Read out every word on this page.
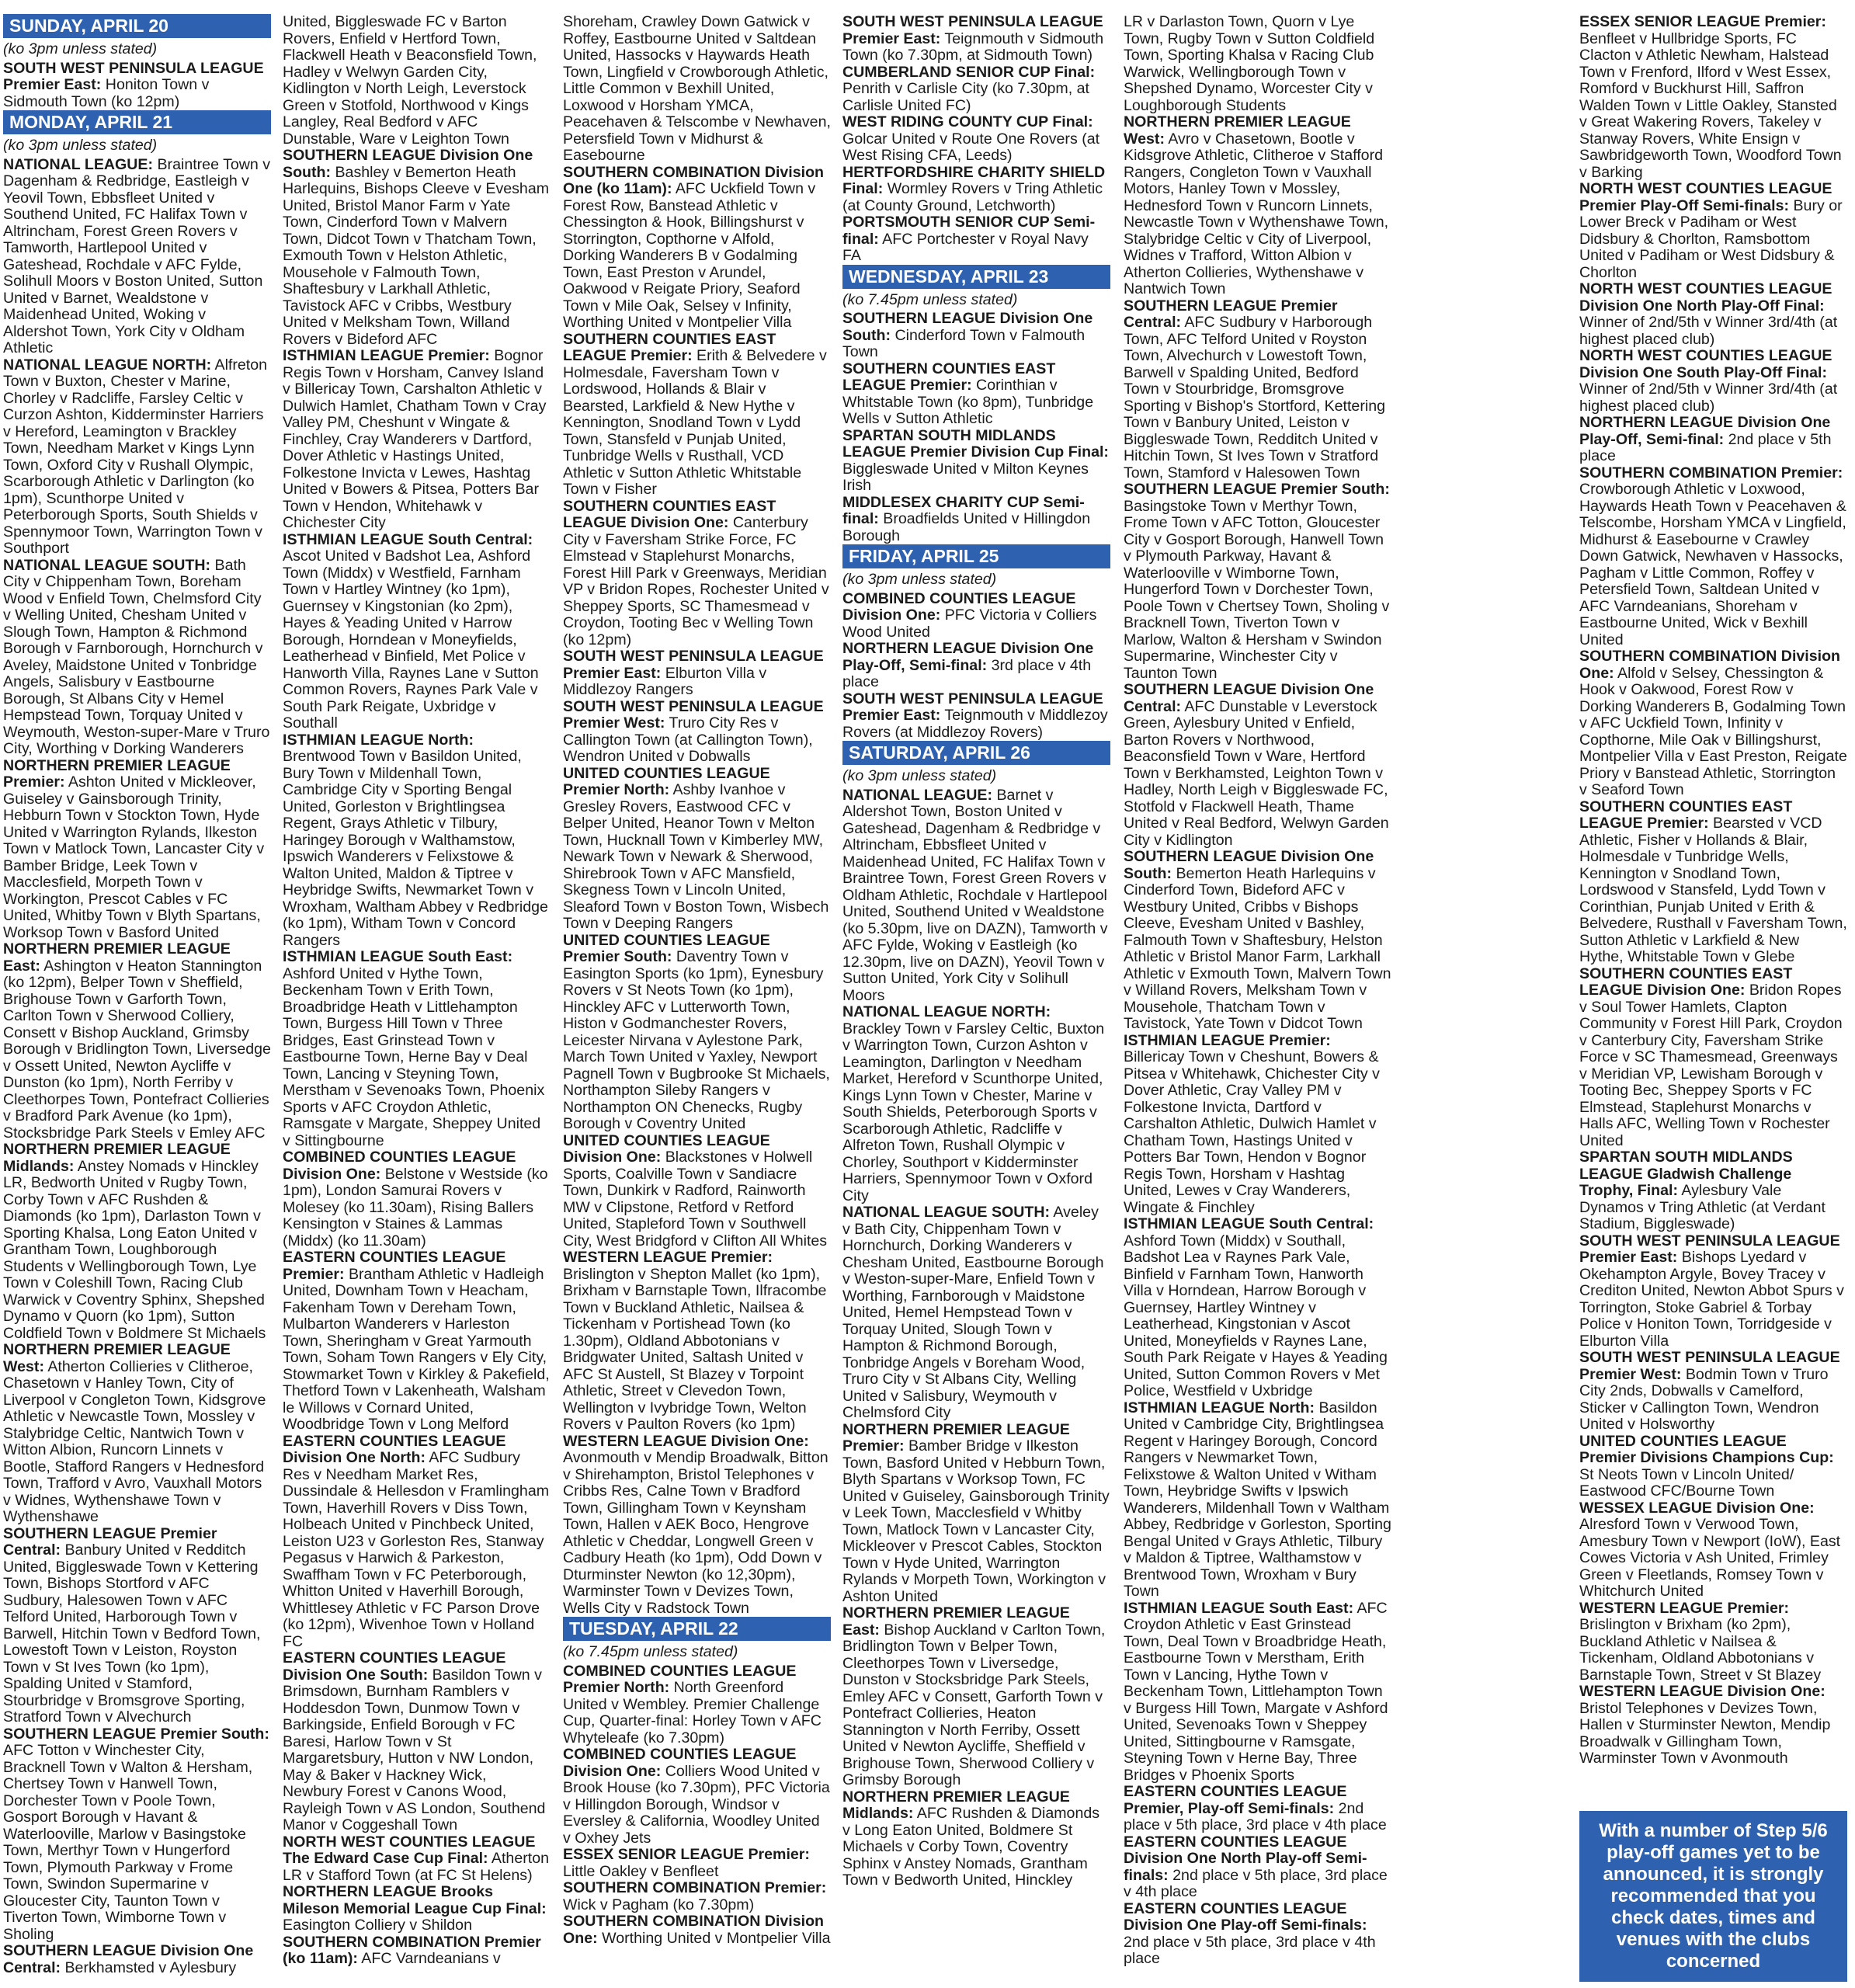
SUNDAY, APRIL 20
(ko 3pm unless stated)
SOUTH WEST PENINSULA LEAGUE Premier East: Honiton Town v Sidmouth Town (ko 12pm)
MONDAY, APRIL 21
(ko 3pm unless stated)
NATIONAL LEAGUE: Braintree Town v Dagenham & Redbridge, Eastleigh v Yeovil Town, Ebbsfleet United v Southend United, FC Halifax Town v Altrincham, Forest Green Rovers v Tamworth, Hartlepool United v Gateshead, Rochdale v AFC Fylde, Solihull Moors v Boston United, Sutton United v Barnet, Wealdstone v Maidenhead United, Woking v Aldershot Town, York City v Oldham Athletic
NATIONAL LEAGUE NORTH: Alfreton Town v Buxton, Chester v Marine, Chorley v Radcliffe, Farsley Celtic v Curzon Ashton, Kidderminster Harriers v Hereford, Leamington v Brackley Town, Needham Market v Kings Lynn Town, Oxford City v Rushall Olympic, Scarborough Athletic v Darlington (ko 1pm), Scunthorpe United v Peterborough Sports, South Shields v Spennymoor Town, Warrington Town v Southport
NATIONAL LEAGUE SOUTH: Bath City v Chippenham Town, Boreham Wood v Enfield Town, Chelmsford City v Welling United, Chesham United v Slough Town, Hampton & Richmond Borough v Farnborough, Hornchurch v Aveley, Maidstone United v Tonbridge Angels, Salisbury v Eastbourne Borough, St Albans City v Hemel Hempstead Town, Torquay United v Weymouth, Weston-super-Mare v Truro City, Worthing v Dorking Wanderers
NORTHERN PREMIER LEAGUE Premier: Ashton United v Mickleover, Guiseley v Gainsborough Trinity, Hebburn Town v Stockton Town, Hyde United v Warrington Rylands, Ilkeston Town v Matlock Town, Lancaster City v Bamber Bridge, Leek Town v Macclesfield, Morpeth Town v Workington, Prescot Cables v FC United, Whitby Town v Blyth Spartans, Worksop Town v Basford United
NORTHERN PREMIER LEAGUE East: Ashington v Heaton Stannington (ko 12pm), Belper Town v Sheffield, Brighouse Town v Garforth Town, Carlton Town v Sherwood Colliery, Consett v Bishop Auckland, Grimsby Borough v Bridlington Town, Liversedge v Ossett United, Newton Aycliffe v Dunston (ko 1pm), North Ferriby v Cleethorpes Town, Pontefract Collieries v Bradford Park Avenue (ko 1pm), Stocksbridge Park Steels v Emley AFC
NORTHERN PREMIER LEAGUE Midlands: Anstey Nomads v Hinckley LR, Bedworth United v Rugby Town, Corby Town v AFC Rushden & Diamonds (ko 1pm), Darlaston Town v Sporting Khalsa, Long Eaton United v Grantham Town, Loughborough Students v Wellingborough Town, Lye Town v Coleshill Town, Racing Club Warwick v Coventry Sphinx, Shepshed Dynamo v Quorn (ko 1pm), Sutton Coldfield Town v Boldmere St Michaels
NORTHERN PREMIER LEAGUE West: Atherton Collieries v Clitheroe, Chasetown v Hanley Town, City of Liverpool v Congleton Town, Kidsgrove Athletic v Newcastle Town, Mossley v Stalybridge Celtic, Nantwich Town v Witton Albion, Runcorn Linnets v Bootle, Stafford Rangers v Hednesford Town, Trafford v Avro, Vauxhall Motors v Widnes, Wythenshawe Town v Wythenshawe
SOUTHERN LEAGUE Premier Central: Banbury United v Redditch United, Biggleswade Town v Kettering Town, Bishops Stortford v AFC Sudbury, Halesowen Town v AFC Telford United, Harborough Town v Barwell, Hitchin Town v Bedford Town, Lowestoft Town v Leiston, Royston Town v St Ives Town (ko 1pm), Spalding United v Stamford, Stourbridge v Bromsgrove Sporting, Stratford Town v Alvechurch
SOUTHERN LEAGUE Premier South: AFC Totton v Winchester City, Bracknell Town v Walton & Hersham, Chertsey Town v Hanwell Town, Dorchester Town v Poole Town, Gosport Borough v Havant & Waterlooville, Marlow v Basingstoke Town, Merthyr Town v Hungerford Town, Plymouth Parkway v Frome Town, Swindon Supermarine v Gloucester City, Taunton Town v Tiverton Town, Wimborne Town v Sholing
SOUTHERN LEAGUE Division One Central: Berkhamsted v Aylesbury
United, Biggleswade FC v Barton Rovers, Enfield v Hertford Town, Flackwell Heath v Beaconsfield Town, Hadley v Welwyn Garden City, Kidlington v North Leigh, Leverstock Green v Stotfold, Northwood v Kings Langley, Real Bedford v AFC Dunstable, Ware v Leighton Town
SOUTHERN LEAGUE Division One South: Bashley v Bemerton Heath Harlequins, Bishops Cleeve v Evesham United, Bristol Manor Farm v Yate Town, Cinderford Town v Malvern Town, Didcot Town v Thatcham Town, Exmouth Town v Helston Athletic, Mousehole v Falmouth Town, Shaftesbury v Larkhall Athletic, Tavistock AFC v Cribbs, Westbury United v Melksham Town, Willand Rovers v Bideford AFC
ISTHMIAN LEAGUE Premier: Bognor Regis Town v Horsham, Canvey Island v Billericay Town, Carshalton Athletic v Dulwich Hamlet, Chatham Town v Cray Valley PM, Cheshunt v Wingate & Finchley, Cray Wanderers v Dartford, Dover Athletic v Hastings United, Folkestone Invicta v Lewes, Hashtag United v Bowers & Pitsea, Potters Bar Town v Hendon, Whitehawk v Chichester City
ISTHMIAN LEAGUE South Central: Ascot United v Badshot Lea, Ashford Town (Middx) v Westfield, Farnham Town v Hartley Wintney (ko 1pm), Guernsey v Kingstonian (ko 2pm), Hayes & Yeading United v Harrow Borough, Horndean v Moneyfields, Leatherhead v Binfield, Met Police v Hanworth Villa, Raynes Lane v Sutton Common Rovers, Raynes Park Vale v South Park Reigate, Uxbridge v Southall
ISTHMIAN LEAGUE North: Brentwood Town v Basildon United, Bury Town v Mildenhall Town, Cambridge City v Sporting Bengal United, Gorleston v Brightlingsea Regent, Grays Athletic v Tilbury, Haringey Borough v Walthamstow, Ipswich Wanderers v Felixstowe & Walton United, Maldon & Tiptree v Heybridge Swifts, Newmarket Town v Wroxham, Waltham Abbey v Redbridge (ko 1pm), Witham Town v Concord Rangers
ISTHMIAN LEAGUE South East: Ashford United v Hythe Town, Beckenham Town v Erith Town, Broadbridge Heath v Littlehampton Town, Burgess Hill Town v Three Bridges, East Grinstead Town v Eastbourne Town, Herne Bay v Deal Town, Lancing v Steyning Town, Merstham v Sevenoaks Town, Phoenix Sports v AFC Croydon Athletic, Ramsgate v Margate, Sheppey United v Sittingbourne
COMBINED COUNTIES LEAGUE Division One: Belstone v Westside (ko 1pm), London Samurai Rovers v Molesey (ko 11.30am), Rising Ballers Kensington v Staines & Lammas (Middx) (ko 11.30am)
EASTERN COUNTIES LEAGUE Premier: Brantham Athletic v Hadleigh United, Downham Town v Heacham, Fakenham Town v Dereham Town, Mulbarton Wanderers v Harleston Town, Sheringham v Great Yarmouth Town, Soham Town Rangers v Ely City, Stowmarket Town v Kirkley & Pakefield, Thetford Town v Lakenheath, Walsham le Willows v Cornard United, Woodbridge Town v Long Melford
EASTERN COUNTIES LEAGUE Division One North: AFC Sudbury Res v Needham Market Res, Dussindale & Hellesdon v Framlingham Town, Haverhill Rovers v Diss Town, Holbeach United v Pinchbeck United, Leiston U23 v Gorleston Res, Stanway Pegasus v Harwich & Parkeston, Swaffham Town v FC Peterborough, Whitton United v Haverhill Borough, Whittlesey Athletic v FC Parson Drove (ko 12pm), Wivenhoe Town v Holland FC
EASTERN COUNTIES LEAGUE Division One South: Basildon Town v Brimsdown, Burnham Ramblers v Hoddesdon Town, Dunmow Town v Barkingside, Enfield Borough v FC Baresi, Harlow Town v St Margaretsbury, Hutton v NW London, May & Baker v Hackney Wick, Newbury Forest v Canons Wood, Rayleigh Town v AS London, Southend Manor v Coggeshall Town
NORTH WEST COUNTIES LEAGUE The Edward Case Cup Final: Atherton LR v Stafford Town (at FC St Helens)
NORTHERN LEAGUE Brooks Mileson Memorial League Cup Final: Easington Colliery v Shildon
SOUTHERN COMBINATION Premier (ko 11am): AFC Varndeanians v
Shoreham, Crawley Down Gatwick v Roffey, Eastbourne United v Saltdean United, Hassocks v Haywards Heath Town, Lingfield v Crowborough Athletic, Little Common v Bexhill United, Loxwood v Horsham YMCA, Peacehaven & Telscombe v Newhaven, Petersfield Town v Midhurst & Easebourne
SOUTHERN COMBINATION Division One (ko 11am): AFC Uckfield Town v Forest Row, Banstead Athletic v Chessington & Hook, Billingshurst v Storrington, Copthorne v Alfold, Dorking Wanderers B v Godalming Town, East Preston v Arundel, Oakwood v Reigate Priory, Seaford Town v Mile Oak, Selsey v Infinity, Worthing United v Montpelier Villa
SOUTHERN COUNTIES EAST LEAGUE Premier: Erith & Belvedere v Holmesdale, Faversham Town v Lordswood, Hollands & Blair v Bearsted, Larkfield & New Hythe v Kennington, Snodland Town v Lydd Town, Stansfeld v Punjab United, Tunbridge Wells v Rusthall, VCD Athletic v Sutton Athletic Whitstable Town v Fisher
SOUTHERN COUNTIES EAST LEAGUE Division One: Canterbury City v Faversham Strike Force, FC Elmstead v Staplehurst Monarchs, Forest Hill Park v Greenways, Meridian VP v Bridon Ropes, Rochester United v Sheppey Sports, SC Thamesmead v Croydon, Tooting Bec v Welling Town (ko 12pm)
SOUTH WEST PENINSULA LEAGUE Premier East: Elburton Villa v Middlezoy Rangers
SOUTH WEST PENINSULA LEAGUE Premier West: Truro City Res v Callington Town (at Callington Town), Wendron United v Dobwalls
UNITED COUNTIES LEAGUE Premier North: Ashby Ivanhoe v Gresley Rovers, Eastwood CFC v Belper United, Heanor Town v Melton Town, Hucknall Town v Kimberley MW, Newark Town v Newark & Sherwood, Shirebrook Town v AFC Mansfield, Skegness Town v Lincoln United, Sleaford Town v Boston Town, Wisbech Town v Deeping Rangers
UNITED COUNTIES LEAGUE Premier South: Daventry Town v Easington Sports (ko 1pm), Eynesbury Rovers v St Neots Town (ko 1pm), Hinckley AFC v Lutterworth Town, Histon v Godmanchester Rovers, Leicester Nirvana v Aylestone Park, March Town United v Yaxley, Newport Pagnell Town v Bugbrooke St Michaels, Northampton Sileby Rangers v Northampton ON Chenecks, Rugby Borough v Coventry United
UNITED COUNTIES LEAGUE Division One: Blackstones v Holwell Sports, Coalville Town v Sandiacre Town, Dunkirk v Radford, Rainworth MW v Clipstone, Retford v Retford United, Stapleford Town v Southwell City, West Bridgford v Clifton All Whites
WESTERN LEAGUE Premier: Brislington v Shepton Mallet (ko 1pm), Brixham v Barnstaple Town, Ilfracombe Town v Buckland Athletic, Nailsea & Tickenham v Portishead Town (ko 1.30pm), Oldland Abbotonians v Bridgwater United, Saltash United v AFC St Austell, St Blazey v Torpoint Athletic, Street v Clevedon Town, Wellington v Ivybridge Town, Welton Rovers v Paulton Rovers (ko 1pm)
WESTERN LEAGUE Division One: Avonmouth v Mendip Broadwalk, Bitton v Shirehampton, Bristol Telephones v Cribbs Res, Calne Town v Bradford Town, Gillingham Town v Keynsham Town, Hallen v AEK Boco, Hengrove Athletic v Cheddar, Longwell Green v Cadbury Heath (ko 1pm), Odd Down v Dturminster Newton (ko 12,30pm), Warminster Town v Devizes Town, Wells City v Radstock Town
TUESDAY, APRIL 22
(ko 7.45pm unless stated)
COMBINED COUNTIES LEAGUE Premier North: North Greenford United v Wembley. Premier Challenge Cup, Quarter-final: Horley Town v AFC Whyteleafe (ko 7.30pm)
COMBINED COUNTIES LEAGUE Division One: Colliers Wood United v Brook House (ko 7.30pm), PFC Victoria v Hillingdon Borough, Windsor v Eversley & California, Woodley United v Oxhey Jets
ESSEX SENIOR LEAGUE Premier: Little Oakley v Benfleet
SOUTHERN COMBINATION Premier: Wick v Pagham (ko 7.30pm)
SOUTHERN COMBINATION Division One: Worthing United v Montpelier Villa
SOUTH WEST PENINSULA LEAGUE Premier East: Teignmouth v Sidmouth Town (ko 7.30pm, at Sidmouth Town)
CUMBERLAND SENIOR CUP Final: Penrith v Carlisle City (ko 7.30pm, at Carlisle United FC)
WEST RIDING COUNTY CUP Final: Golcar United v Route One Rovers (at West Rising CFA, Leeds)
HERTFORDSHIRE CHARITY SHIELD Final: Wormley Rovers v Tring Athletic (at County Ground, Letchworth)
PORTSMOUTH SENIOR CUP Semi-final: AFC Portchester v Royal Navy FA
WEDNESDAY, APRIL 23
(ko 7.45pm unless stated)
SOUTHERN LEAGUE Division One South: Cinderford Town v Falmouth Town
SOUTHERN COUNTIES EAST LEAGUE Premier: Corinthian v Whitstable Town (ko 8pm), Tunbridge Wells v Sutton Athletic
SPARTAN SOUTH MIDLANDS LEAGUE Premier Division Cup Final: Biggleswade United v Milton Keynes Irish
MIDDLESEX CHARITY CUP Semi-final: Broadfields United v Hillingdon Borough
FRIDAY, APRIL 25
(ko 3pm unless stated)
COMBINED COUNTIES LEAGUE Division One: PFC Victoria v Colliers Wood United
NORTHERN LEAGUE Division One Play-Off, Semi-final: 3rd place v 4th place
SOUTH WEST PENINSULA LEAGUE Premier East: Teignmouth v Middlezoy Rovers (at Middlezoy Rovers)
SATURDAY, APRIL 26
(ko 3pm unless stated)
NATIONAL LEAGUE: Barnet v Aldershot Town, Boston United v Gateshead, Dagenham & Redbridge v Altrincham, Ebbsfleet United v Maidenhead United, FC Halifax Town v Braintree Town, Forest Green Rovers v Oldham Athletic, Rochdale v Hartlepool United, Southend United v Wealdstone (ko 5.30pm, live on DAZN), Tamworth v AFC Fylde, Woking v Eastleigh (ko 12.30pm, live on DAZN), Yeovil Town v Sutton United, York City v Solihull Moors
NATIONAL LEAGUE NORTH: Brackley Town v Farsley Celtic, Buxton v Warrington Town, Curzon Ashton v Leamington, Darlington v Needham Market, Hereford v Scunthorpe United, Kings Lynn Town v Chester, Marine v South Shields, Peterborough Sports v Scarborough Athletic, Radcliffe v Alfreton Town, Rushall Olympic v Chorley, Southport v Kidderminster Harriers, Spennymoor Town v Oxford City
NATIONAL LEAGUE SOUTH: Aveley v Bath City, Chippenham Town v Hornchurch, Dorking Wanderers v Chesham United, Eastbourne Borough v Weston-super-Mare, Enfield Town v Worthing, Farnborough v Maidstone United, Hemel Hempstead Town v Torquay United, Slough Town v Hampton & Richmond Borough, Tonbridge Angels v Boreham Wood, Truro City v St Albans City, Welling United v Salisbury, Weymouth v Chelmsford City
NORTHERN PREMIER LEAGUE Premier: Bamber Bridge v Ilkeston Town, Basford United v Hebburn Town, Blyth Spartans v Worksop Town, FC United v Guiseley, Gainsborough Trinity v Leek Town, Macclesfield v Whitby Town, Matlock Town v Lancaster City, Mickleover v Prescot Cables, Stockton Town v Hyde United, Warrington Rylands v Morpeth Town, Workington v Ashton United
NORTHERN PREMIER LEAGUE East: Bishop Auckland v Carlton Town, Bridlington Town v Belper Town, Cleethorpes Town v Liversedge, Dunston v Stocksbridge Park Steels, Emley AFC v Consett, Garforth Town v Pontefract Collieries, Heaton Stannington v North Ferriby, Ossett United v Newton Aycliffe, Sheffield v Brighouse Town, Sherwood Colliery v Grimsby Borough
NORTHERN PREMIER LEAGUE Midlands: AFC Rushden & Diamonds v Long Eaton United, Boldmere St Michaels v Corby Town, Coventry Sphinx v Anstey Nomads, Grantham Town v Bedworth United, Hinckley
LR v Darlaston Town, Quorn v Lye Town, Rugby Town v Sutton Coldfield Town, Sporting Khalsa v Racing Club Warwick, Wellingborough Town v Shepshed Dynamo, Worcester City v Loughborough Students
NORTHERN PREMIER LEAGUE West: Avro v Chasetown, Bootle v Kidsgrove Athletic, Clitheroe v Stafford Rangers, Congleton Town v Vauxhall Motors, Hanley Town v Mossley, Hednesford Town v Runcorn Linnets, Newcastle Town v Wythenshawe Town, Stalybridge Celtic v City of Liverpool, Widnes v Trafford, Witton Albion v Atherton Collieries, Wythenshawe v Nantwich Town
SOUTHERN LEAGUE Premier Central: AFC Sudbury v Harborough Town, AFC Telford United v Royston Town, Alvechurch v Lowestoft Town, Barwell v Spalding United, Bedford Town v Stourbridge, Bromsgrove Sporting v Bishop's Stortford, Kettering Town v Banbury United, Leiston v Biggleswade Town, Redditch United v Hitchin Town, St Ives Town v Stratford Town, Stamford v Halesowen Town
SOUTHERN LEAGUE Premier South: Basingstoke Town v Merthyr Town, Frome Town v AFC Totton, Gloucester City v Gosport Borough, Hanwell Town v Plymouth Parkway, Havant & Waterlooville v Wimborne Town, Hungerford Town v Dorchester Town, Poole Town v Chertsey Town, Sholing v Bracknell Town, Tiverton Town v Marlow, Walton & Hersham v Swindon Supermarine, Winchester City v Taunton Town
SOUTHERN LEAGUE Division One Central: AFC Dunstable v Leverstock Green, Aylesbury United v Enfield, Barton Rovers v Northwood, Beaconsfield Town v Ware, Hertford Town v Berkhamsted, Leighton Town v Hadley, North Leigh v Biggleswade FC, Stotfold v Flackwell Heath, Thame United v Real Bedford, Welwyn Garden City v Kidlington
SOUTHERN LEAGUE Division One South: Bemerton Heath Harlequins v Cinderford Town, Bideford AFC v Westbury United, Cribbs v Bishops Cleeve, Evesham United v Bashley, Falmouth Town v Shaftesbury, Helston Athletic v Bristol Manor Farm, Larkhall Athletic v Exmouth Town, Malvern Town v Willand Rovers, Melksham Town v Mousehole, Thatcham Town v Tavistock, Yate Town v Didcot Town
ISTHMIAN LEAGUE Premier: Billericay Town v Cheshunt, Bowers & Pitsea v Whitehawk, Chichester City v Dover Athletic, Cray Valley PM v Folkestone Invicta, Dartford v Carshalton Athletic, Dulwich Hamlet v Chatham Town, Hastings United v Potters Bar Town, Hendon v Bognor Regis Town, Horsham v Hashtag United, Lewes v Cray Wanderers, Wingate & Finchley
ISTHMIAN LEAGUE South Central: Ashford Town (Middx) v Southall, Badshot Lea v Raynes Park Vale, Binfield v Farnham Town, Hanworth Villa v Horndean, Harrow Borough v Guernsey, Hartley Wintney v Leatherhead, Kingstonian v Ascot United, Moneyfields v Raynes Lane, South Park Reigate v Hayes & Yeading United, Sutton Common Rovers v Met Police, Westfield v Uxbridge
ISTHMIAN LEAGUE North: Basildon United v Cambridge City, Brightlingsea Regent v Haringey Borough, Concord Rangers v Newmarket Town, Felixstowe & Walton United v Witham Town, Heybridge Swifts v Ipswich Wanderers, Mildenhall Town v Waltham Abbey, Redbridge v Gorleston, Sporting Bengal United v Grays Athletic, Tilbury v Maldon & Tiptree, Walthamstow v Brentwood Town, Wroxham v Bury Town
ISTHMIAN LEAGUE South East: AFC Croydon Athletic v East Grinstead Town, Deal Town v Broadbridge Heath, Eastbourne Town v Merstham, Erith Town v Lancing, Hythe Town v Beckenham Town, Littlehampton Town v Burgess Hill Town, Margate v Ashford United, Sevenoaks Town v Sheppey United, Sittingbourne v Ramsgate, Steyning Town v Herne Bay, Three Bridges v Phoenix Sports
EASTERN COUNTIES LEAGUE Premier, Play-off Semi-finals: 2nd place v 5th place, 3rd place v 4th place
EASTERN COUNTIES LEAGUE Division One North Play-off Semi-finals: 2nd place v 5th place, 3rd place v 4th place
EASTERN COUNTIES LEAGUE Division One Play-off Semi-finals: 2nd place v 5th place, 3rd place v 4th place
ESSEX SENIOR LEAGUE Premier: Benfleet v Hullbridge Sports, FC Clacton v Athletic Newham, Halstead Town v Frenford, Ilford v West Essex, Romford v Buckhurst Hill, Saffron Walden Town v Little Oakley, Stansted v Great Wakering Rovers, Takeley v Stanway Rovers, White Ensign v Sawbridgeworth Town, Woodford Town v Barking
NORTH WEST COUNTIES LEAGUE Premier Play-Off Semi-finals: Bury or Lower Breck v Padiham or West Didsbury & Chorlton, Ramsbottom United v Padiham or West Didsbury & Chorlton
NORTH WEST COUNTIES LEAGUE Division One North Play-Off Final: Winner of 2nd/5th v Winner 3rd/4th (at highest placed club)
NORTH WEST COUNTIES LEAGUE Division One South Play-Off Final: Winner of 2nd/5th v Winner 3rd/4th (at highest placed club)
NORTHERN LEAGUE Division One Play-Off, Semi-final: 2nd place v 5th place
SOUTHERN COMBINATION Premier: Crowborough Athletic v Loxwood, Haywards Heath Town v Peacehaven & Telscombe, Horsham YMCA v Lingfield, Midhurst & Easebourne v Crawley Down Gatwick, Newhaven v Hassocks, Pagham v Little Common, Roffey v Petersfield Town, Saltdean United v AFC Varndeanians, Shoreham v Eastbourne United, Wick v Bexhill United
SOUTHERN COMBINATION Division One: Alfold v Selsey, Chessington & Hook v Oakwood, Forest Row v Dorking Wanderers B, Godalming Town v AFC Uckfield Town, Infinity v Copthorne, Mile Oak v Billingshurst, Montpelier Villa v East Preston, Reigate Priory v Banstead Athletic, Storrington v Seaford Town
SOUTHERN COUNTIES EAST LEAGUE Premier: Bearsted v VCD Athletic, Fisher v Hollands & Blair, Holmesdale v Tunbridge Wells, Kennington v Snodland Town, Lordswood v Stansfeld, Lydd Town v Corinthian, Punjab United v Erith & Belvedere, Rusthall v Faversham Town, Sutton Athletic v Larkfield & New Hythe, Whitstable Town v Glebe
SOUTHERN COUNTIES EAST LEAGUE Division One: Bridon Ropes v Soul Tower Hamlets, Clapton Community v Forest Hill Park, Croydon v Canterbury City, Faversham Strike Force v SC Thamesmead, Greenways v Meridian VP, Lewisham Borough v Tooting Bec, Sheppey Sports v FC Elmstead, Staplehurst Monarchs v Halls AFC, Welling Town v Rochester United
SPARTAN SOUTH MIDLANDS LEAGUE Gladwish Challenge Trophy, Final: Aylesbury Vale Dynamos v Tring Athletic (at Verdant Stadium, Biggleswade)
SOUTH WEST PENINSULA LEAGUE Premier East: Bishops Lyedard v Okehampton Argyle, Bovey Tracey v Crediton United, Newton Abbot Spurs v Torrington, Stoke Gabriel & Torbay Police v Honiton Town, Torridgeside v Elburton Villa
SOUTH WEST PENINSULA LEAGUE Premier West: Bodmin Town v Truro City 2nds, Dobwalls v Camelford, Sticker v Callington Town, Wendron United v Holsworthy
UNITED COUNTIES LEAGUE Premier Divisions Champions Cup: St Neots Town v Lincoln United/ Eastwood CFC/Bourne Town
WESSEX LEAGUE Division One: Alresford Town v Verwood Town, Amesbury Town v Newport (IoW), East Cowes Victoria v Ash United, Frimley Green v Fleetlands, Romsey Town v Whitchurch United
WESTERN LEAGUE Premier: Brislington v Brixham (ko 2pm), Buckland Athletic v Nailsea & Tickenham, Oldland Abbotonians v Barnstaple Town, Street v St Blazey
WESTERN LEAGUE Division One: Bristol Telephones v Devizes Town, Hallen v Sturminster Newton, Mendip Broadwalk v Gillingham Town, Warminster Town v Avonmouth
With a number of Step 5/6 play-off games yet to be announced, it is strongly recommended that you check dates, times and venues with the clubs concerned
